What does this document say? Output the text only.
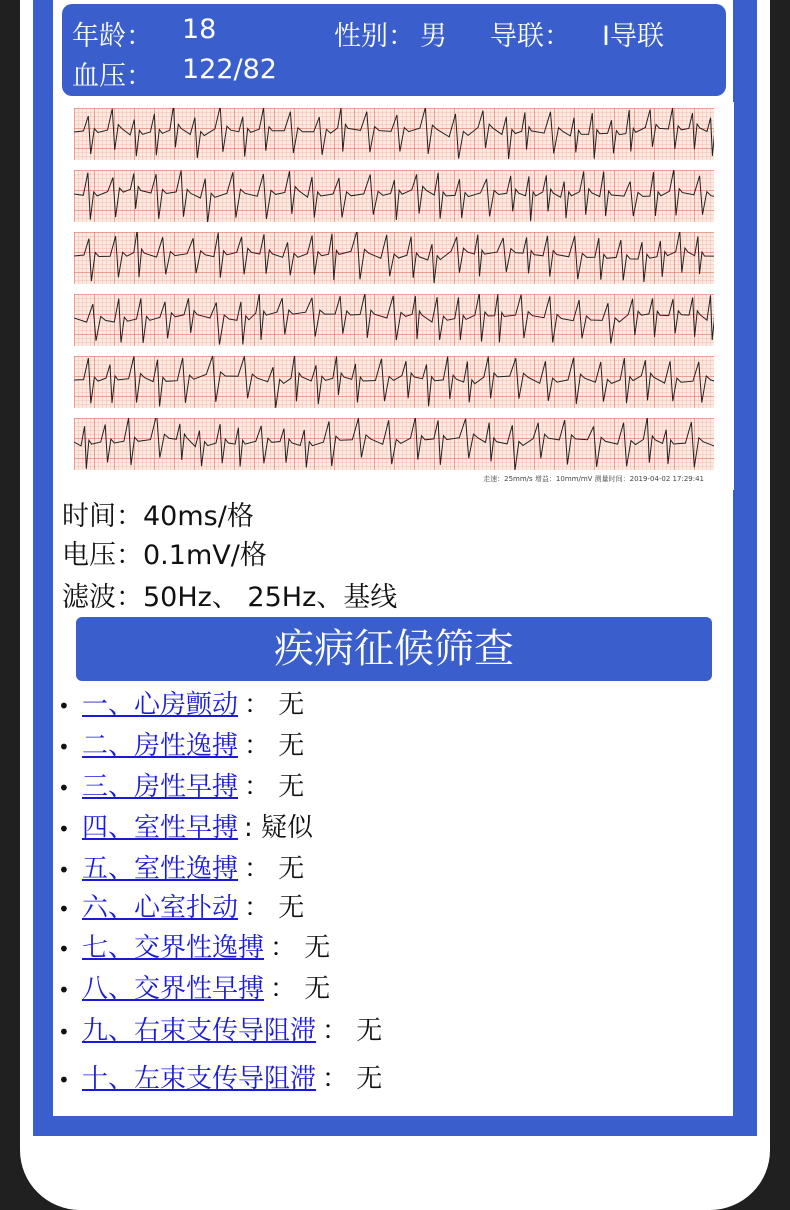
年龄： 18	性别： 男 导联： I导联
血压： 122/82
走速：25mm/s 增益：10mm/mV 测量时间：2019-04-02 17:29:41
时间：40ms/格
电压：0.1mV/格
滤波：50Hz、 25Hz、基线
疾病征候筛查
• 一、心房颤动 ： 无
• 二、房性逸搏 ： 无
• 三、房性早搏 ： 无
• 四、室性早搏 : 疑似
• 五、室性逸搏 ： 无
• 六、心室扑动 ： 无
• 七、交界性逸搏 ： 无
• 八、交界性早搏 ： 无
• 九、右束支传导阻滞 ： 无
• 十、左束支传导阻滞 ： 无
